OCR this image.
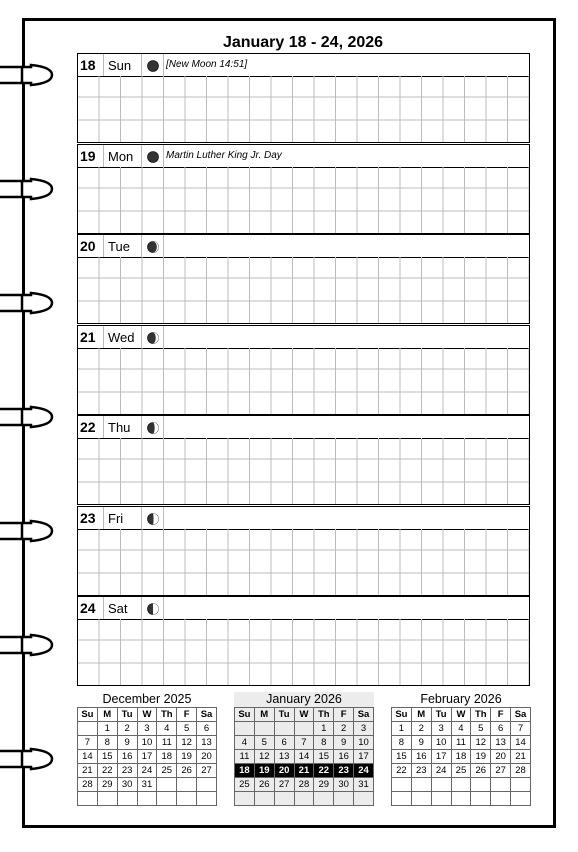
January 18 - 24, 2026
18 Sun	[New Moon 14:51]
19 Mon	Martin Luther King Jr. Day
20 Tue
21 Wed
22 Thu
23 Fri
24 Sat
December 2025
Su	M	Tu	W	Th	F	Sa
	1	2	3	4	5	6
7	8	9	10	11	12	13
14	15	16	17	18	19	20
21	22	23	24	25	26	27
28	29	30	31			

January 2026
Su	M	Tu	W	Th	F	Sa
				1	2	3
4	5	6	7	8	9	10
11	12	13	14	15	16	17
18	19	20	21	22	23	24
25	26	27	28	29	30	31

February 2026
Su	M	Tu	W	Th	F	Sa
1	2	3	4	5	6	7
8	9	10	11	12	13	14
15	16	17	18	19	20	21
22	23	24	25	26	27	28
